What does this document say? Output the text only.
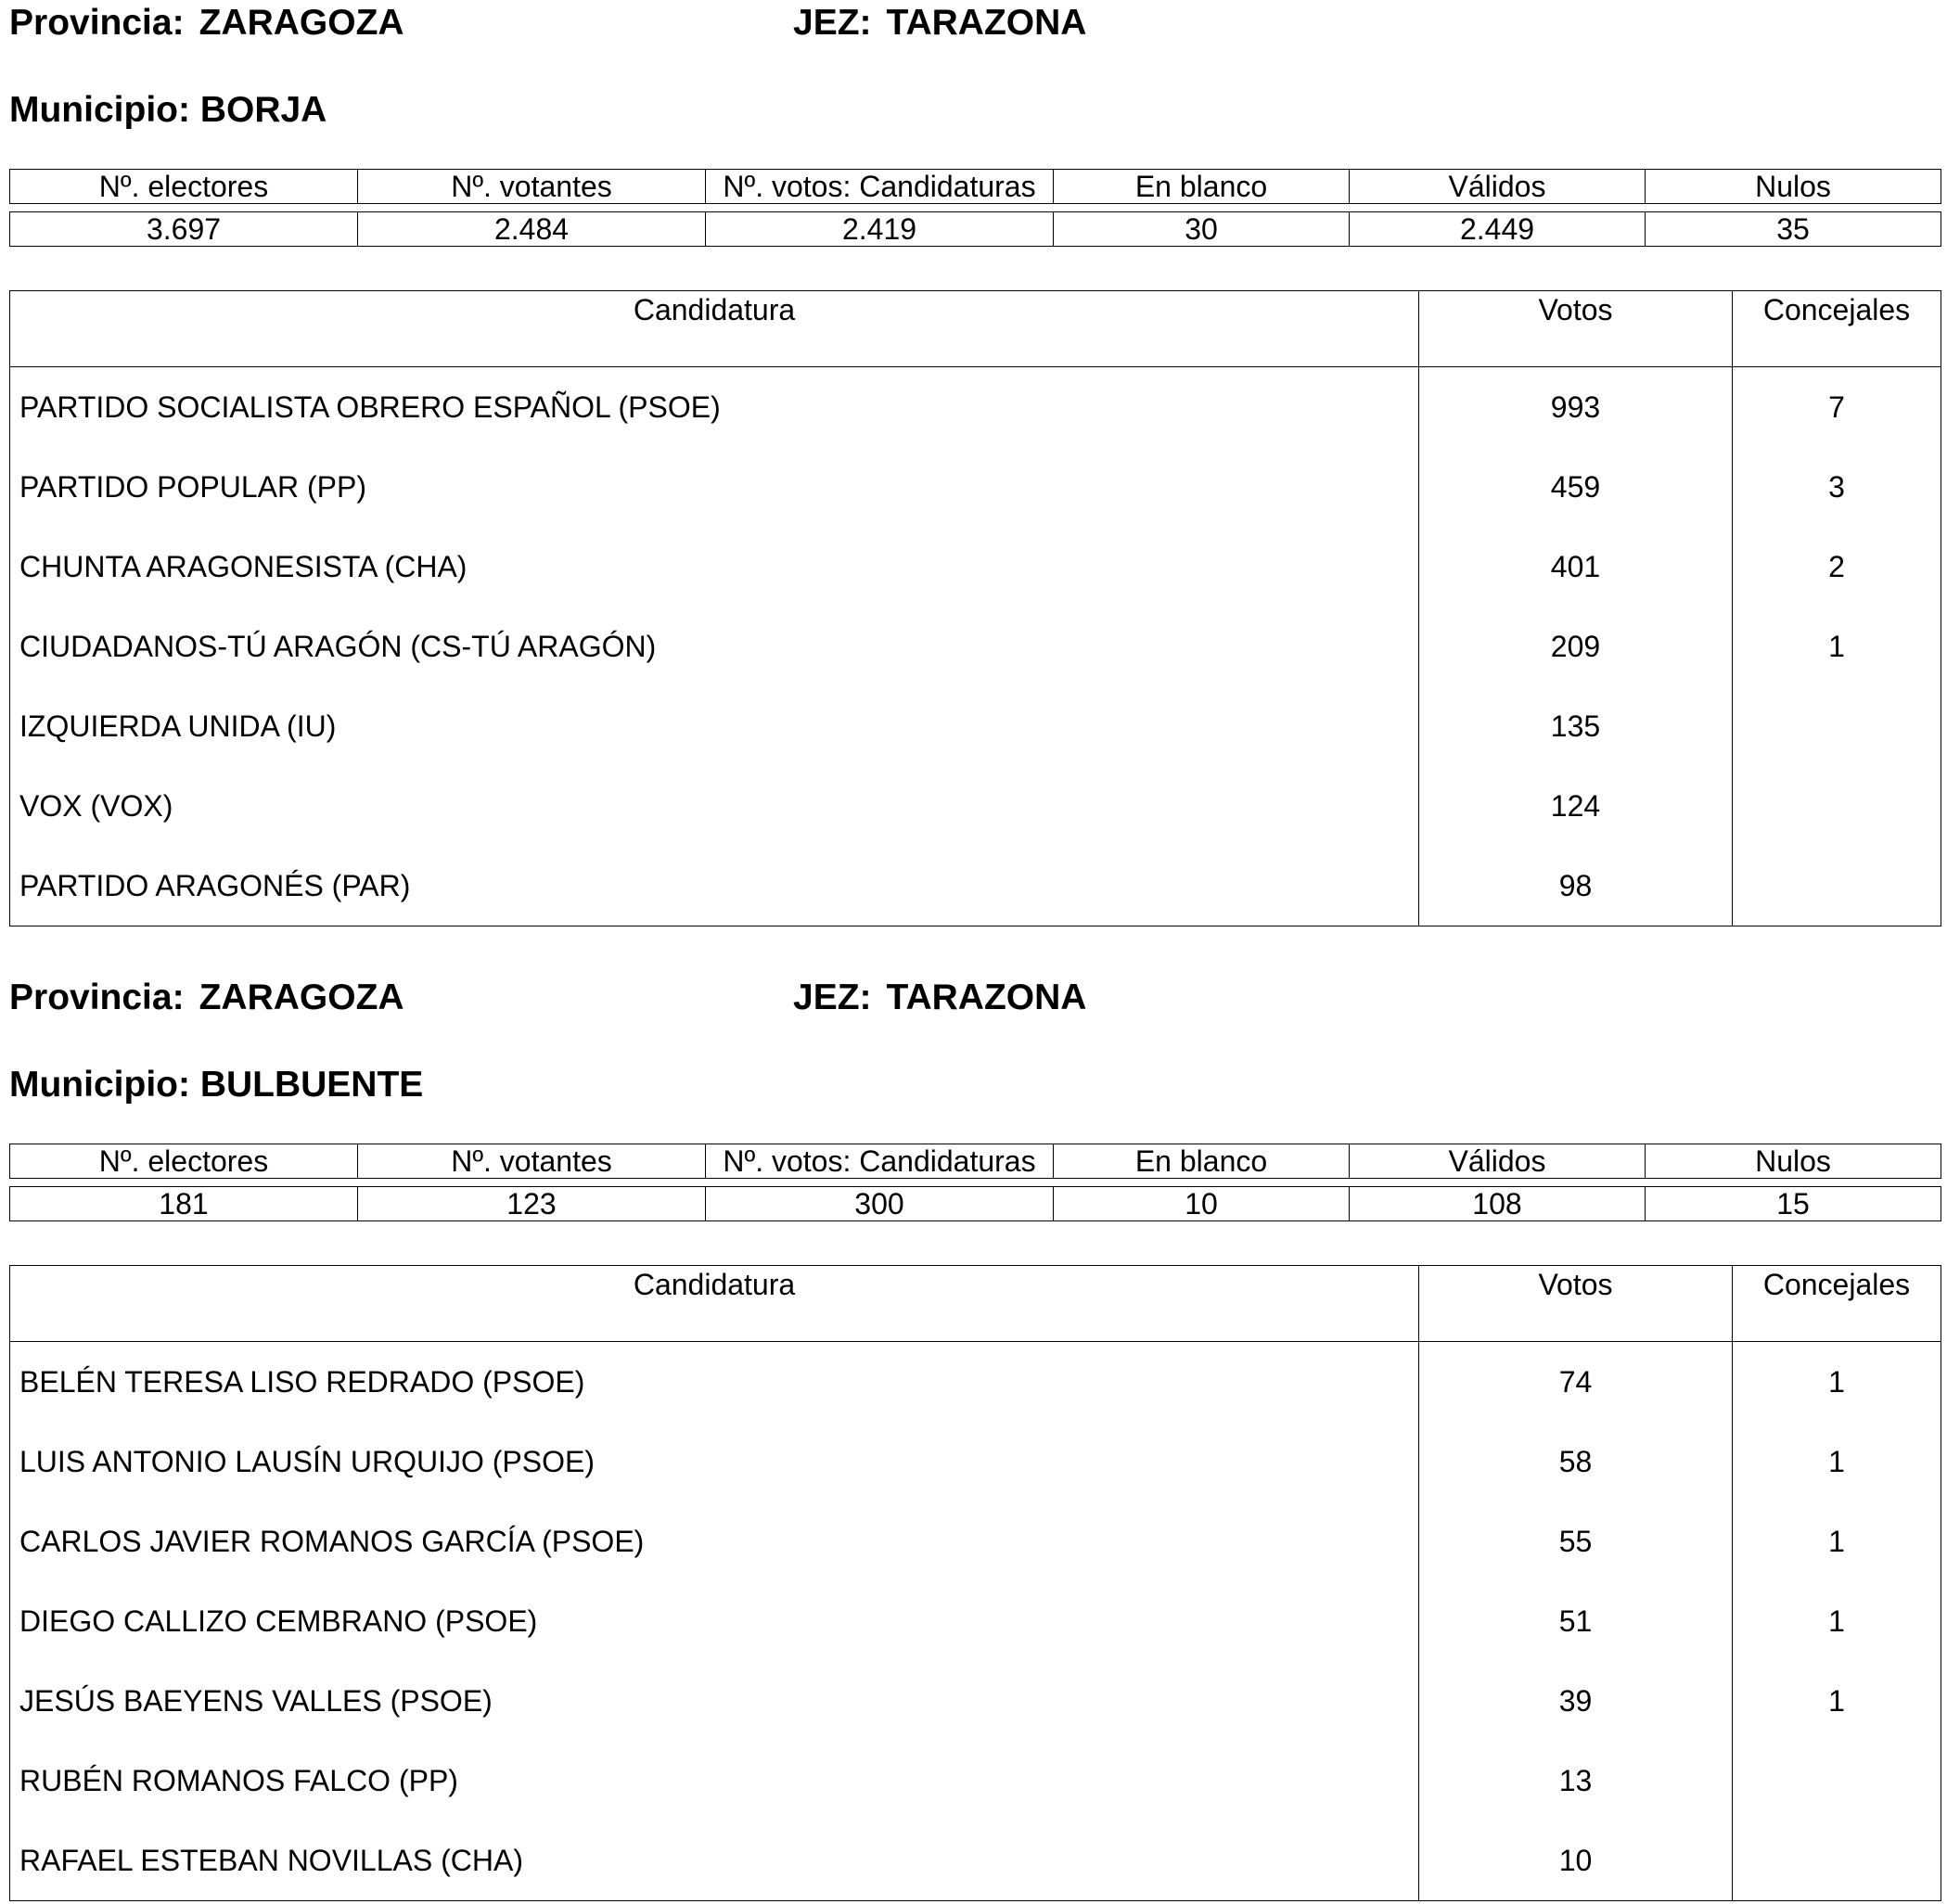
Provincia: ZARAGOZA	JEZ: TARAZONA
Municipio: BORJA
Nº. electores	Nº. votantes	Nº. votos: Candidaturas	En blanco	Válidos	Nulos

3.697	2.484	2.419	30	2.449	35
Candidatura	Votos	Concejales
PARTIDO SOCIALISTA OBRERO ESPAÑOL (PSOE)	993	7
PARTIDO POPULAR (PP)	459	3
CHUNTA ARAGONESISTA (CHA)	401	2
CIUDADANOS-TÚ ARAGÓN (CS-TÚ ARAGÓN)	209	1
IZQUIERDA UNIDA (IU)	135	
VOX (VOX)	124	
PARTIDO ARAGONÉS (PAR)	98	
Provincia: ZARAGOZA	JEZ: TARAZONA
Municipio: BULBUENTE
Nº. electores	Nº. votantes	Nº. votos: Candidaturas	En blanco	Válidos	Nulos

181	123	300	10	108	15
Candidatura	Votos	Concejales
BELÉN TERESA LISO REDRADO (PSOE)	74	1
LUIS ANTONIO LAUSÍN URQUIJO (PSOE)	58	1
CARLOS JAVIER ROMANOS GARCÍA (PSOE)	55	1
DIEGO CALLIZO CEMBRANO (PSOE)	51	1
JESÚS BAEYENS VALLES (PSOE)	39	1
RUBÉN ROMANOS FALCO (PP)	13	
RAFAEL ESTEBAN NOVILLAS (CHA)	10	
